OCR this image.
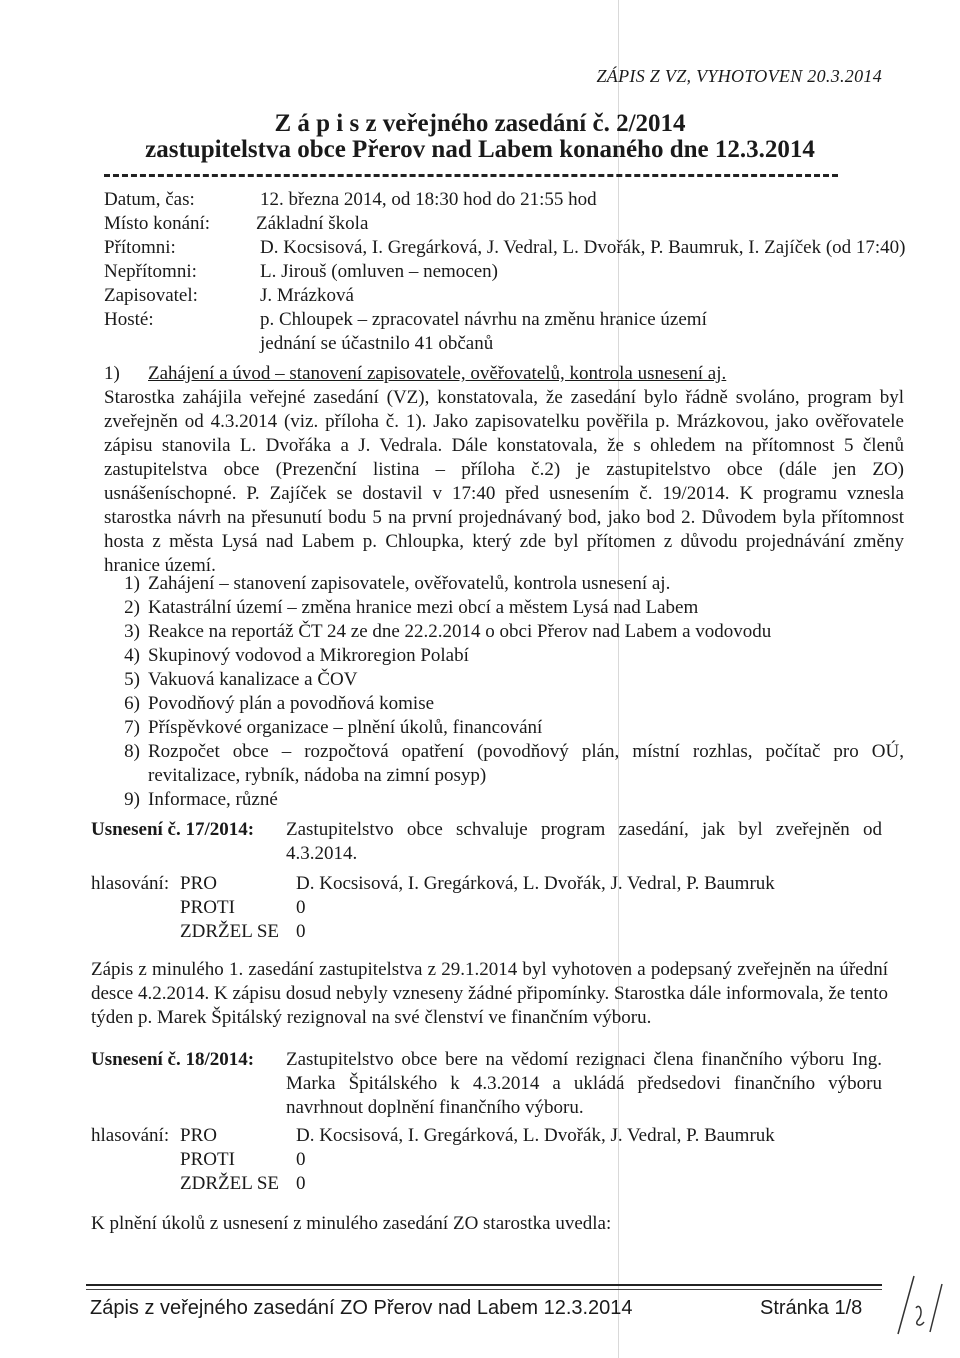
ZÁPIS Z VZ, VYHOTOVEN 20.3.2014
Z á p i s z veřejného zasedání č. 2/2014
zastupitelstva obce Přerov nad Labem konaného dne 12.3.2014
Datum, čas:	12. března 2014, od 18:30 hod do 21:55 hod
Místo konání:	Základní škola
Přítomni:	D. Kocsisová, I. Gregárková, J. Vedral, L. Dvořák, P. Baumruk, I. Zajíček (od 17:40)
Nepřítomni:	L. Jirouš (omluven – nemocen)
Zapisovatel:	J. Mrázková
Hosté:	p. Chloupek – zpracovatel návrhu na změnu hranice území
jednání se účastnilo 41 občanů
1) Zahájení a úvod – stanovení zapisovatele, ověřovatelů, kontrola usnesení aj.
Starostka zahájila veřejné zasedání (VZ), konstatovala, že zasedání bylo řádně svoláno, program byl zveřejněn od 4.3.2014 (viz. příloha č. 1). Jako zapisovatelku pověřila p. Mrázkovou, jako ověřovatele zápisu stanovila L. Dvořáka a J. Vedrala. Dále konstatovala, že s ohledem na přítomnost 5 členů zastupitelstva obce (Prezenční listina – příloha č.2) je zastupitelstvo obce (dále jen ZO) usnášeníschopné. P. Zajíček se dostavil v 17:40 před usnesením č. 19/2014. K programu vznesla starostka návrh na přesunutí bodu 5 na první projednávaný bod, jako bod 2. Důvodem byla přítomnost hosta z města Lysá nad Labem p. Chloupka, který zde byl přítomen z důvodu projednávání změny hranice území.
1) Zahájení – stanovení zapisovatele, ověřovatelů, kontrola usnesení aj.
2) Katastrální území – změna hranice mezi obcí a městem Lysá nad Labem
3) Reakce na reportáž ČT 24 ze dne 22.2.2014 o obci Přerov nad Labem a vodovodu
4) Skupinový vodovod a Mikroregion Polabí
5) Vakuová kanalizace a ČOV
6) Povodňový plán a povodňová komise
7) Příspěvkové organizace – plnění úkolů, financování
8) Rozpočet obce – rozpočtová opatření (povodňový plán, místní rozhlas, počítač pro OÚ, revitalizace, rybník, nádoba na zimní posyp)
9) Informace, různé
Usnesení č. 17/2014: Zastupitelstvo obce schvaluje program zasedání, jak byl zveřejněn od 4.3.2014.
hlasování: PRO	D. Kocsisová, I. Gregárková, L. Dvořák, J. Vedral, P. Baumruk
PROTI	0
ZDRŽEL SE 0
Zápis z minulého 1. zasedání zastupitelstva z 29.1.2014 byl vyhotoven a podepsaný zveřejněn na úřední desce 4.2.2014. K zápisu dosud nebyly vzneseny žádné připomínky. Starostka dále informovala, že tento týden p. Marek Špitálský rezignoval na své členství ve finančním výboru.
Usnesení č. 18/2014: Zastupitelstvo obce bere na vědomí rezignaci člena finančního výboru Ing. Marka Špitálského k 4.3.2014 a ukládá předsedovi finančního výboru navrhnout doplnění finančního výboru.
hlasování: PRO	D. Kocsisová, I. Gregárková, L. Dvořák, J. Vedral, P. Baumruk
PROTI	0
ZDRŽEL SE 0
K plnění úkolů z usnesení z minulého zasedání ZO starostka uvedla:
Zápis z veřejného zasedání ZO Přerov nad Labem 12.3.2014	Stránka 1/8
